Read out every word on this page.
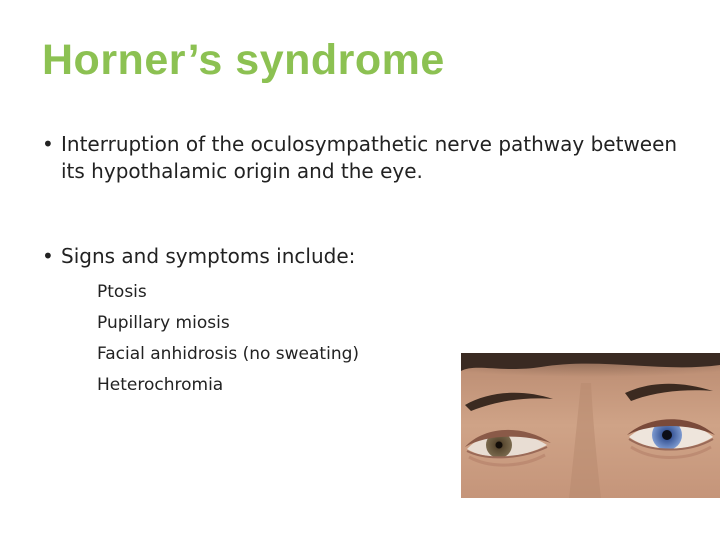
Horner’s syndrome
• Interruption of the oculosympathetic nerve pathway between its hypothalamic origin and the eye.
• Signs and symptoms include:
Ptosis
Pupillary miosis
Facial anhidrosis (no sweating)
Heterochromia
